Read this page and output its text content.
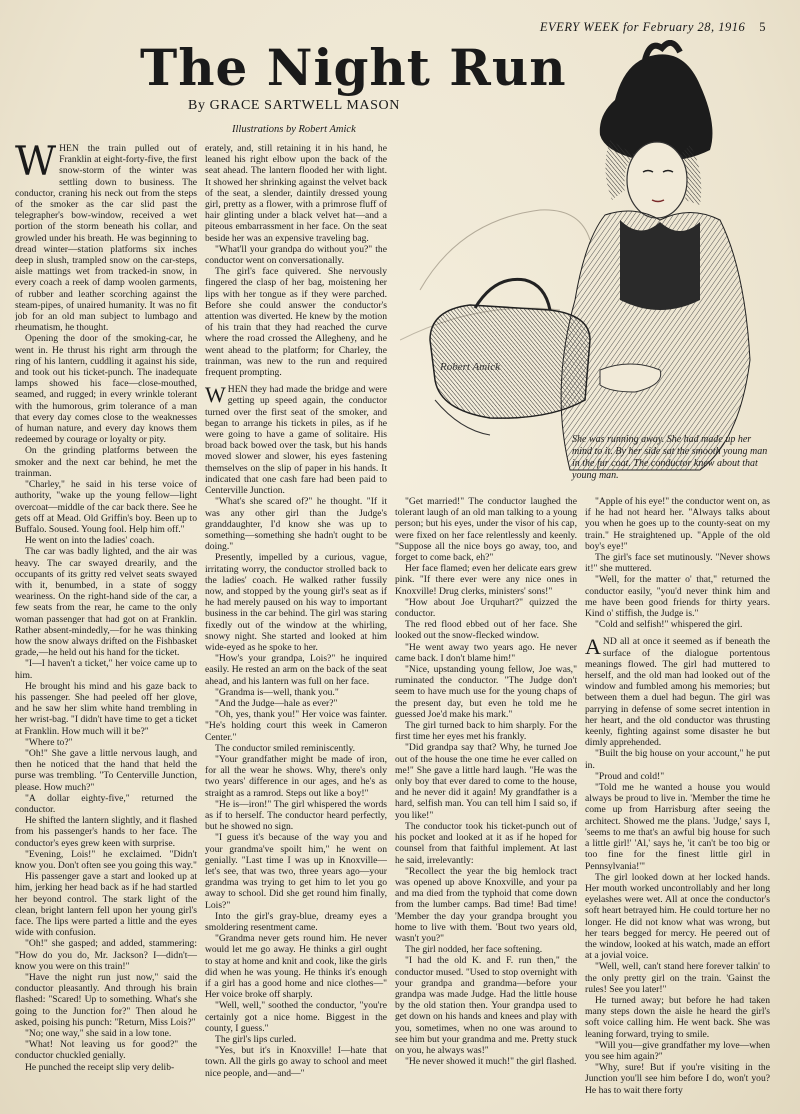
EVERY WEEK for February 28, 1916 5
The Night Run
By GRACE SARTWELL MASON
Illustrations by Robert Amick
Robert Amick
She was running away. She had made up her mind to it. By her side sat the smooth young man in the fur coat. The conductor knew about that young man.
W HEN the train pulled out of Franklin at eight-forty-five, the first snow-storm of the winter was settling down to business. The conductor, craning his neck out from the steps of the smoker as the car slid past the telegrapher's bow-window, received a wet portion of the storm beneath his collar, and growled under his breath. He was beginning to dread winter—station platforms six inches deep in slush, trampled snow on the car-steps, aisle mattings wet from tracked-in snow, in every coach a reek of damp woolen garments, of rubber and leather scorching against the steam-pipes, of unaired humanity. It was no fit job for an old man subject to lumbago and rheumatism, he thought.

Opening the door of the smoking-car, he went in. He thrust his right arm through the ring of his lantern, cuddling it against his side, and took out his ticket-punch. The inadequate lamps showed his face—close-mouthed, seamed, and rugged; in every wrinkle tolerant with the humorous, grim tolerance of a man that every day comes close to the weaknesses of human nature, and every day knows them redeemed by courage or loyalty or pity.

On the grinding platforms between the smoker and the next car behind, he met the trainman.

"Charley," he said in his terse voice of authority, "wake up the young fellow—light overcoat—middle of the car back there. See he gets off at Mead. Old Griffin's boy. Been up to Buffalo. Soused. Young fool. Help him off."

He went on into the ladies' coach.

The car was badly lighted, and the air was heavy. The car swayed drearily, and the occupants of its gritty red velvet seats swayed with it, benumbed, in a state of soggy weariness. On the right-hand side of the car, a few seats from the rear, he came to the only woman passenger that had got on at Franklin. Rather absent-mindedly,—for he was thinking how the snow always drifted on the Fishbasket grade,—he held out his hand for the ticket.

"I—I haven't a ticket," her voice came up to him.

He brought his mind and his gaze back to his passenger. She had peeled off her glove, and he saw her slim white hand trembling in her wrist-bag. "I didn't have time to get a ticket at Franklin. How much will it be?"

"Where to?"

"Oh!" She gave a little nervous laugh, and then he noticed that the hand that held the purse was trembling. "To Centerville Junction, please. How much?"

"A dollar eighty-five," returned the conductor.

He shifted the lantern slightly, and it flashed from his passenger's hands to her face. The conductor's eyes grew keen with surprise.

"Evening, Lois!" he exclaimed. "Didn't know you. Don't often see you going this way."

His passenger gave a start and looked up at him, jerking her head back as if he had startled her beyond control. The stark light of the clean, bright lantern fell upon her young girl's face. The lips were parted a little and the eyes wide with confusion.

"Oh!" she gasped; and added, stammering: "How do you do, Mr. Jackson? I—didn't—know you were on this train!"

"Have the night run just now," said the conductor pleasantly. And through his brain flashed: "Scared! Up to something. What's she going to the Junction for?" Then aloud he asked, poising his punch: "Return, Miss Lois?"

"No; one way," she said in a low tone.

"What! Not leaving us for good?" the conductor chuckled genially.

He punched the receipt slip very delib-

erately, and, still retaining it in his hand, he leaned his right elbow upon the back of the seat ahead. The lantern flooded her with light. It showed her shrinking against the velvet back of the seat, a slender, daintily dressed young girl, pretty as a flower, with a primrose fluff of hair glinting under a black velvet hat—and a piteous embarrassment in her face. On the seat beside her was an expensive traveling bag.

"What'll your grandpa do without you?" the conductor went on conversationally.

The girl's face quivered. She nervously fingered the clasp of her bag, moistening her lips with her tongue as if they were parched. Before she could answer the conductor's attention was diverted. He knew by the motion of his train that they had reached the curve where the road crossed the Allegheny, and he went ahead to the platform; for Charley, the trainman, was new to the run and required frequent prompting.

W HEN they had made the bridge and were getting up speed again, the conductor turned over the first seat of the smoker, and began to arrange his tickets in piles, as if he were going to have a game of solitaire. His broad back bowed over the task, but his hands moved slower and slower, his eyes fastening themselves on the slip of paper in his hands. It indicated that one cash fare had been paid to Centerville Junction.

"What's she scared of?" he thought. "If it was any other girl than the Judge's granddaughter, I'd know she was up to something—something she hadn't ought to be doing."

Presently, impelled by a curious, vague, irritating worry, the conductor strolled back to the ladies' coach. He walked rather fussily now, and stopped by the young girl's seat as if he had merely paused on his way to important business in the car behind. The girl was staring fixedly out of the window at the whirling, snowy night. She started and looked at him wide-eyed as he spoke to her.

"How's your grandpa, Lois?" he inquired easily. He rested an arm on the back of the seat ahead, and his lantern was full on her face.

"Grandma is—well, thank you."

"And the Judge—hale as ever?"

"Oh, yes, thank you!" Her voice was fainter. "He's holding court this week in Cameron Center."

The conductor smiled reminiscently.

"Your grandfather might be made of iron, for all the wear he shows. Why, there's only two years' difference in our ages, and he's as straight as a ramrod. Steps out like a boy!"

"He is—iron!" The girl whispered the words as if to herself. The conductor heard perfectly, but he showed no sign.

"I guess it's because of the way you and your grandma've spoilt him," he went on genially. "Last time I was up in Knoxville—let's see, that was two, three years ago—your grandma was trying to get him to let you go away to school. Did she get round him finally, Lois?"

Into the girl's gray-blue, dreamy eyes a smoldering resentment came.

"Grandma never gets round him. He never would let me go away. He thinks a girl ought to stay at home and knit and cook, like the girls did when he was young. He thinks it's enough if a girl has a good home and nice clothes—" Her voice broke off sharply.

"Well, well," soothed the conductor, "you're certainly got a nice home. Biggest in the county, I guess."

The girl's lips curled.

"Yes, but it's in Knoxville! I—hate that town. All the girls go away to school and meet nice people, and—and—"

"Get married!" The conductor laughed the tolerant laugh of an old man talking to a young person; but his eyes, under the visor of his cap, were fixed on her face relentlessly and keenly. "Suppose all the nice boys go away, too, and forget to come back, eh?"

Her face flamed; even her delicate ears grew pink. "If there ever were any nice ones in Knoxville! Drug clerks, ministers' sons!"

"How about Joe Urquhart?" quizzed the conductor.

The red flood ebbed out of her face. She looked out the snow-flecked window.

"He went away two years ago. He never came back. I don't blame him!"

"Nice, upstanding young fellow, Joe was," ruminated the conductor. "The Judge don't seem to have much use for the young chaps of the present day, but even he told me he guessed Joe'd make his mark."

The girl turned back to him sharply. For the first time her eyes met his frankly.

"Did grandpa say that? Why, he turned Joe out of the house the one time he ever called on me!" She gave a little hard laugh. "He was the only boy that ever dared to come to the house, and he never did it again! My grandfather is a hard, selfish man. You can tell him I said so, if you like!"

The conductor took his ticket-punch out of his pocket and looked at it as if he hoped for counsel from that faithful implement. At last he said, irrelevantly:

"Recollect the year the big hemlock tract was opened up above Knoxville, and your pa and ma died from the typhoid that come down from the lumber camps. Bad time! Bad time! 'Member the day your grandpa brought you home to live with them. 'Bout two years old, wasn't you?"

The girl nodded, her face softening.

"I had the old K. and F. run then," the conductor mused. "Used to stop overnight with your grandpa and grandma—before your grandpa was made Judge. Had the little house by the old station then. Your grandpa used to get down on his hands and knees and play with you, sometimes, when no one was around to see him but your grandma and me. Pretty stuck on you, he always was!"

"He never showed it much!" the girl flashed.

"Apple of his eye!" the conductor went on, as if he had not heard her. "Always talks about you when he goes up to the county-seat on my train." He straightened up. "Apple of the old boy's eye!"

The girl's face set mutinously. "Never shows it!" she muttered.

"Well, for the matter o' that," returned the conductor easily, "you'd never think him and me have been good friends for thirty years. Kind o' stiffish, the Judge is."

"Cold and selfish!" whispered the girl.

A ND all at once it seemed as if beneath the surface of the dialogue portentous meanings flowed. The girl had muttered to herself, and the old man had looked out of the window and fumbled among his memories; but between them a duel had begun. The girl was parrying in defense of some secret intention in her heart, and the old conductor was thrusting keenly, fighting against some disaster he but dimly apprehended.

"Built the big house on your account," he put in.

"Proud and cold!"

"Told me he wanted a house you would always be proud to live in. 'Member the time he come up from Harrisburg after seeing the architect. Showed me the plans. 'Judge,' says I, 'seems to me that's an awful big house for such a little girl!' 'Al,' says he, 'it can't be too big or too fine for the finest little girl in Pennsylvania!'"

The girl looked down at her locked hands. Her mouth worked uncontrollably and her long eyelashes were wet. All at once the conductor's soft heart betrayed him. He could torture her no longer. He did not know what was wrong, but her tears begged for mercy. He peered out of the window, looked at his watch, made an effort at a jovial voice.

"Well, well, can't stand here forever talkin' to the only pretty girl on the train. 'Gainst the rules! See you later!"

He turned away; but before he had taken many steps down the aisle he heard the girl's soft voice calling him. He went back. She was leaning forward, trying to smile.

"Will you—give grandfather my love—when you see him again?"

"Why, sure! But if you're visiting in the Junction you'll see him before I do, won't you? He has to wait there forty
